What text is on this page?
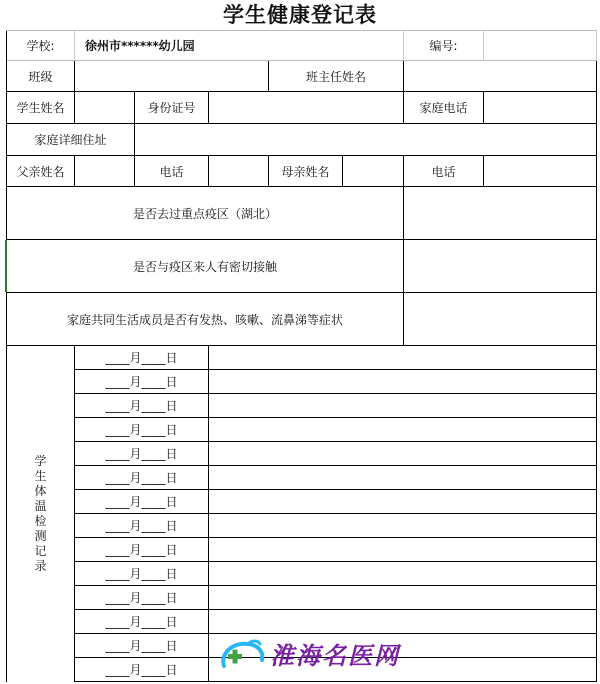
学生健康登记表
学校:	徐州市******幼儿园	编号:
班级	班主任姓名
学生姓名	身份证号	家庭电话
家庭详细住址
父亲姓名	电话	母亲姓名	电话
是否去过重点疫区（湖北）
是否与疫区来人有密切接触
家庭共同生活成员是否有发热、咳嗽、流鼻涕等症状
学生体温检测记录
____月____日
____月____日
____月____日
____月____日
____月____日
____月____日
____月____日
____月____日
____月____日
____月____日
____月____日
____月____日
____月____日
____月____日	淮海名医网
